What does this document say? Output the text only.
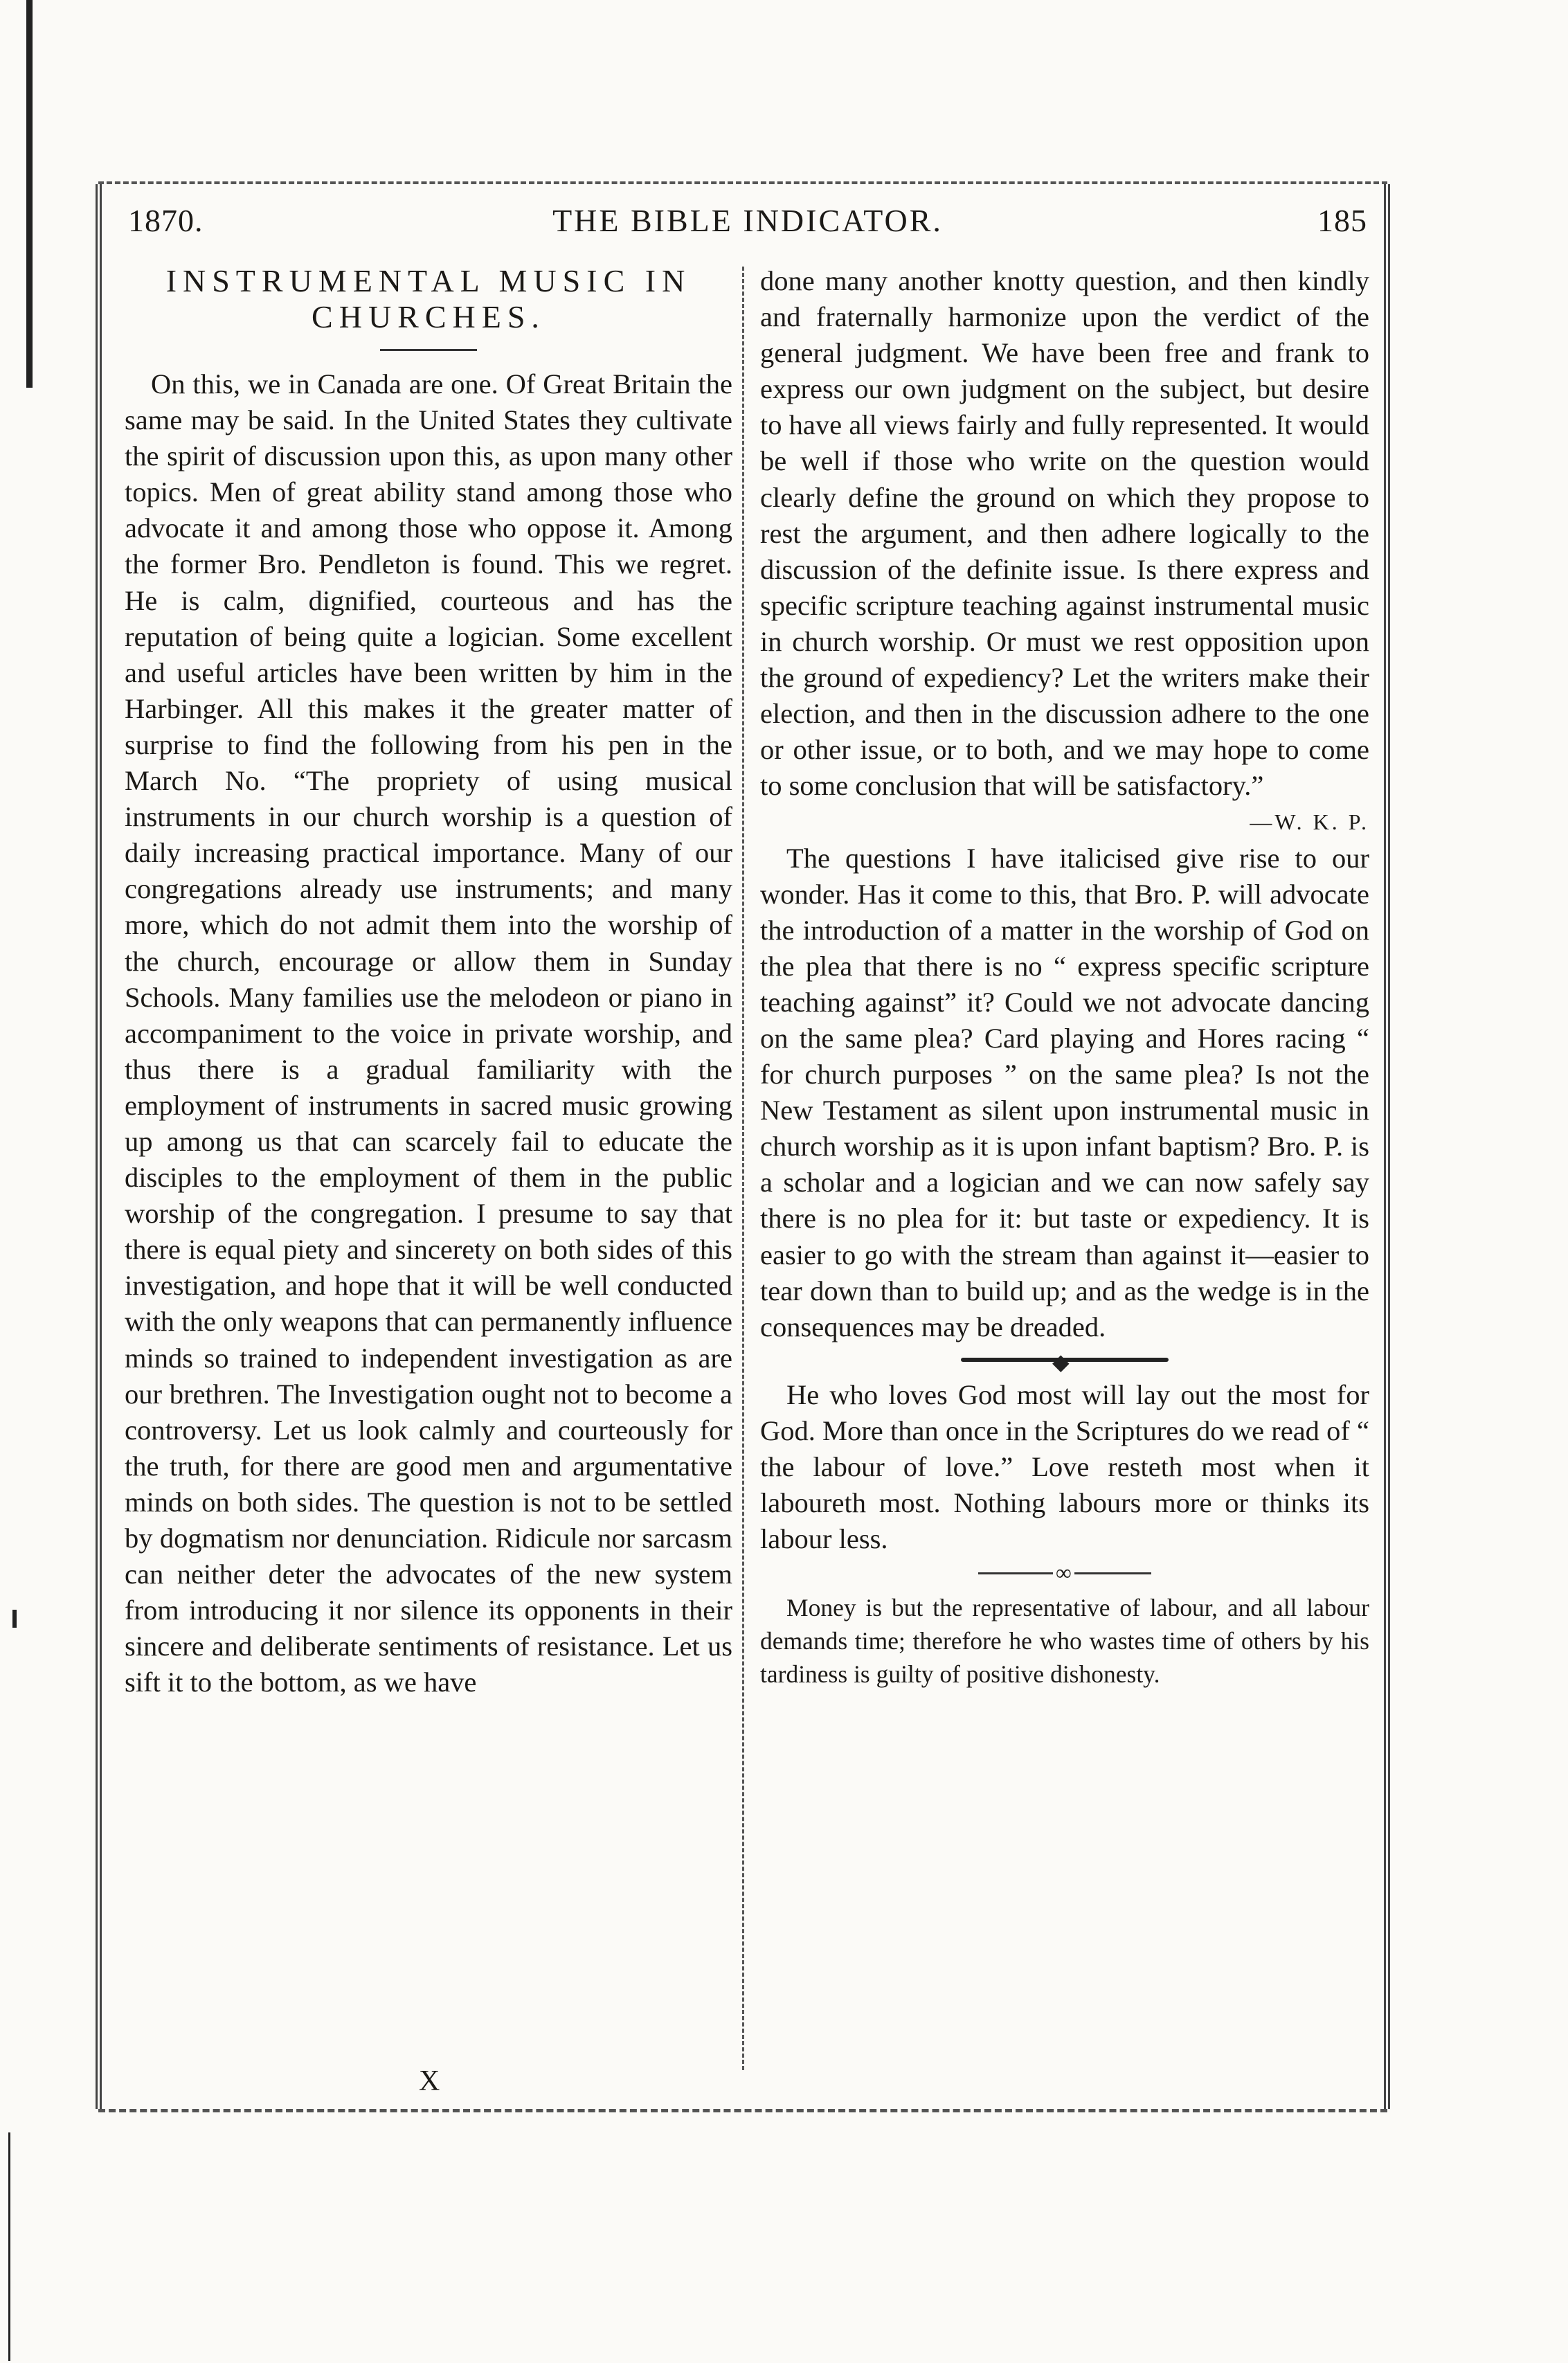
1870.	THE BIBLE INDICATOR.	185
INSTRUMENTAL MUSIC IN CHURCHES.

On this, we in Canada are one. Of Great Britain the same may be said. In the United States they cultivate the spirit of discussion upon this, as upon many other topics. Men of great ability stand among those who advocate it and among those who oppose it. Among the former Bro. Pendleton is found. This we regret. He is calm, dignified, courteous and has the reputation of being quite a logician. Some excellent and useful articles have been written by him in the Harbinger. All this makes it the greater matter of surprise to find the following from his pen in the March No. “The propriety of using musical instruments in our church worship is a question of daily increasing practical importance. Many of our congregations already use instruments; and many more, which do not admit them into the worship of the church, encourage or allow them in Sunday Schools. Many families use the melodeon or piano in accompaniment to the voice in private worship, and thus there is a gradual familiarity with the employment of instruments in sacred music growing up among us that can scarcely fail to educate the disciples to the employment of them in the public worship of the congregation. I presume to say that there is equal piety and sincerety on both sides of this investigation, and hope that it will be well conducted with the only weapons that can permanently influence minds so trained to independent investigation as are our brethren. The Investigation ought not to become a controversy. Let us look calmly and courteously for the truth, for there are good men and argumentative minds on both sides. The question is not to be settled by dogmatism nor denunciation. Ridicule nor sarcasm can neither deter the advocates of the new system from introducing it nor silence its opponents in their sincere and deliberate sentiments of resistance. Let us sift it to the bottom, as we have

done many another knotty question, and then kindly and fraternally harmonize upon the verdict of the general judgment. We have been free and frank to express our own judgment on the subject, but desire to have all views fairly and fully represented. It would be well if those who write on the question would clearly define the ground on which they propose to rest the argument, and then adhere logically to the discussion of the definite issue. Is there express and specific scripture teaching against instrumental music in church worship. Or must we rest opposition upon the ground of expediency? Let the writers make their election, and then in the discussion adhere to the one or other issue, or to both, and we may hope to come to some conclusion that will be satisfactory.”

—W. K. P.

The questions I have italicised give rise to our wonder. Has it come to this, that Bro. P. will advocate the introduction of a matter in the worship of God on the plea that there is no “ express specific scripture teaching against” it? Could we not advocate dancing on the same plea? Card playing and Hores racing “ for church purposes ” on the same plea? Is not the New Testament as silent upon instrumental music in church worship as it is upon infant baptism? Bro. P. is a scholar and a logician and we can now safely say there is no plea for it: but taste or expediency. It is easier to go with the stream than against it—easier to tear down than to build up; and as the wedge is in the consequences may be dreaded.

◆

He who loves God most will lay out the most for God. More than once in the Scriptures do we read of “ the labour of love.” Love resteth most when it laboureth most. Nothing labours more or thinks its labour less.

∞

Money is but the representative of labour, and all labour demands time; therefore he who wastes time of others by his tardiness is guilty of positive dishonesty.

X
